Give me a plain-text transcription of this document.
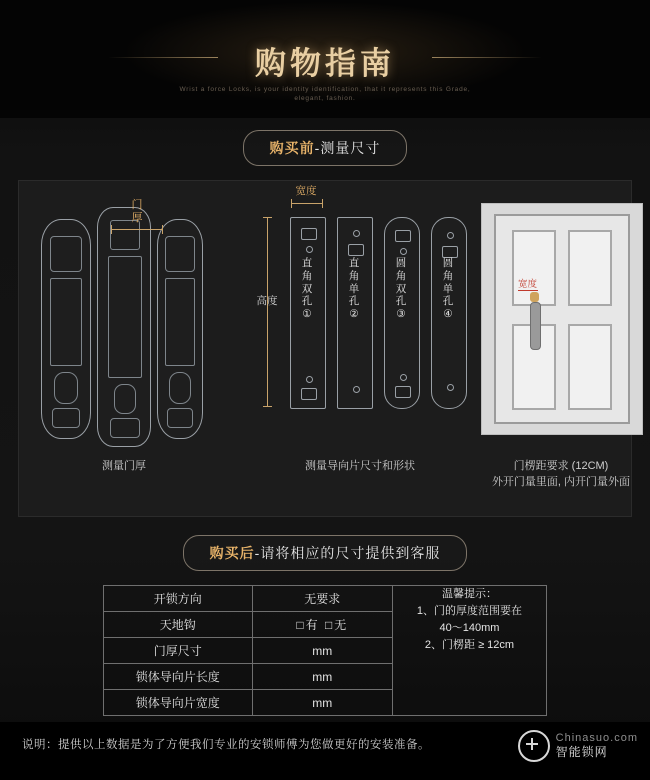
购物指南
Wrist a force Locks, is your identity identification, that it represents this Grade,
elegant, fashion.
购买前-测量尺寸
门
厚
高度
宽度
直
角
双
孔
①
直
角
单
孔
②
圆
角
双
孔
③
圆
角
单
孔
④
宽度
测量门厚	测量导向片尺寸和形状	门楞距要求 (12CM)
外开门量里面, 内开门量外面
购买后-请将相应的尺寸提供到客服
开锁方向	无要求	温馨提示：
1、门的厚度范围要在
40～140mm
2、门楞距 ≥ 12cm

天地钩	□有 □无	
门厚尺寸	mm	
锁体导向片长度	mm	
锁体导向片宽度	mm	
说明：提供以上数据是为了方便我们专业的安锁师傅为您做更好的安装准备。
Chinasuo.com
智能锁网
